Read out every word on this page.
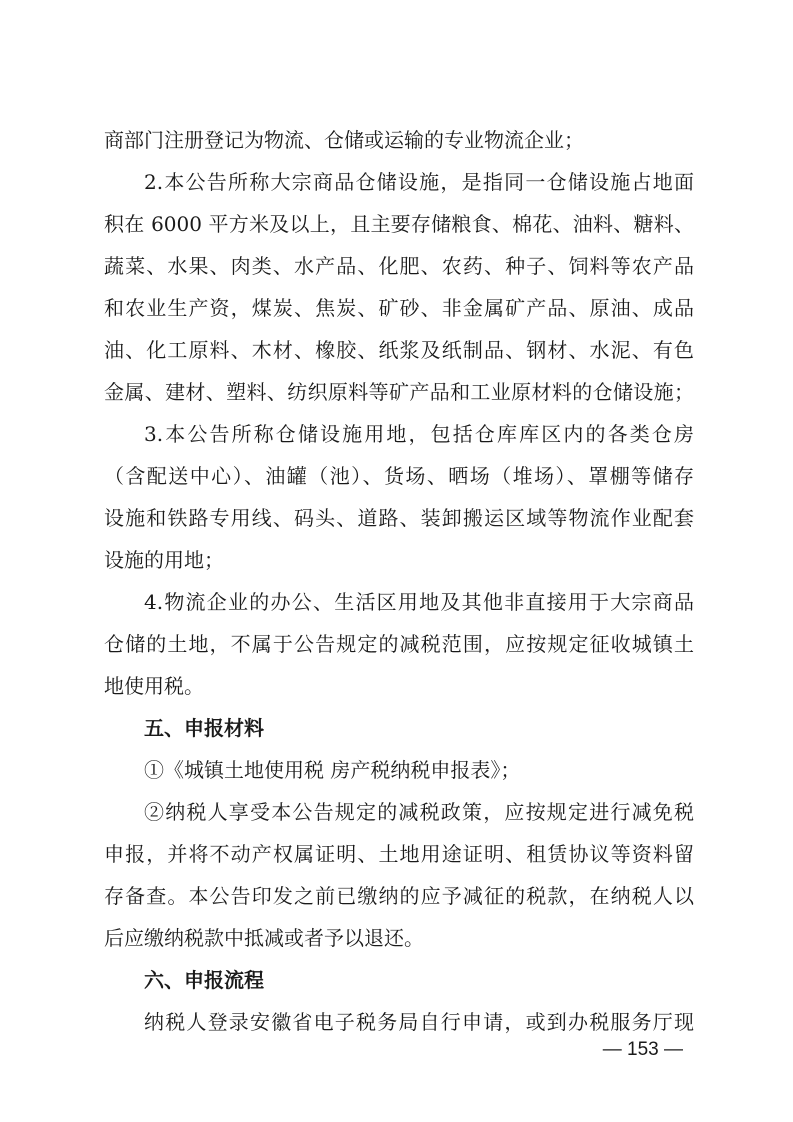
商部门注册登记为物流、仓储或运输的专业物流企业；
2.本公告所称大宗商品仓储设施，是指同一仓储设施占地面
积在 6000 平方米及以上，且主要存储粮食、棉花、油料、糖料、
蔬菜、水果、肉类、水产品、化肥、农药、种子、饲料等农产品
和农业生产资，煤炭、焦炭、矿砂、非金属矿产品、原油、成品
油、化工原料、木材、橡胶、纸浆及纸制品、钢材、水泥、有色
金属、建材、塑料、纺织原料等矿产品和工业原材料的仓储设施；
3.本公告所称仓储设施用地，包括仓库库区内的各类仓房
（含配送中心）、油罐（池）、货场、晒场（堆场）、罩棚等储存
设施和铁路专用线、码头、道路、装卸搬运区域等物流作业配套
设施的用地；
4.物流企业的办公、生活区用地及其他非直接用于大宗商品
仓储的土地，不属于公告规定的减税范围，应按规定征收城镇土
地使用税。
五、申报材料
①《城镇土地使用税 房产税纳税申报表》；
②纳税人享受本公告规定的减税政策，应按规定进行减免税
申报，并将不动产权属证明、土地用途证明、租赁协议等资料留
存备查。本公告印发之前已缴纳的应予减征的税款，在纳税人以
后应缴纳税款中抵减或者予以退还。
六、申报流程
纳税人登录安徽省电子税务局自行申请，或到办税服务厅现
— 153 —
